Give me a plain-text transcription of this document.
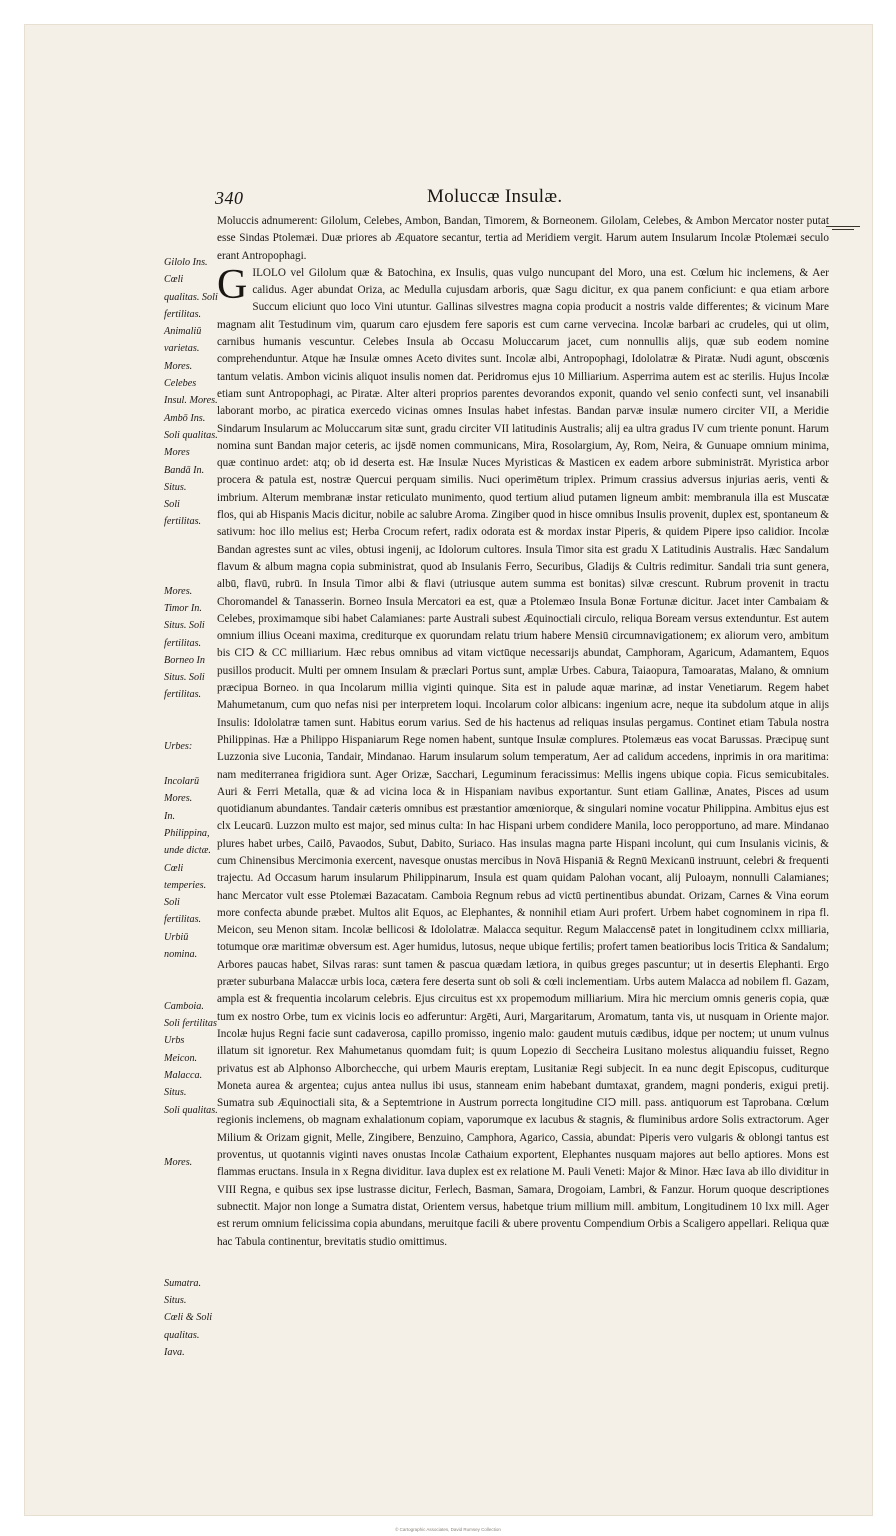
340	Moluccæ Insulæ.

Moluccis adnumerent: Gilolum, Celebes, Ambon, Bandan, Timorem, & Borneonem. Gilolam, Celebes, & Ambon Mercator noster putat esse Sindas Ptolemæi. Duæ priores ab Æquatore secantur, tertia ad Meridiem vergit. Harum autem Insularum Incolæ Ptolemæi seculo erant Antropophagi.

GILOLO vel Gilolum quæ & Batochina, ex Insulis, quas vulgo nuncupant del Moro, una est. Cœlum hic inclemens, & Aer calidus. Ager abundat Oriza, ac Medulla cujusdam arboris, quæ Sagu dicitur, ex qua panem conficiunt: e qua etiam arbore Succum eliciunt quo loco Vini utuntur. Gallinas silvestres magna copia producit a nostris valde differentes; & vicinum Mare magnam alit Testudinum vim, quarum caro ejusdem fere saporis est cum carne vervecina. Incolæ barbari ac crudeles, qui ut olim, carnibus humanis vescuntur. Celebes Insula ab Occasu Moluccarum jacet, cum nonnullis alijs, quæ sub eodem nomine comprehenduntur. Atque hæ Insulæ omnes Aceto divites sunt. Incolæ albi, Antropophagi, Idololatræ & Piratæ. Nudi agunt, obscœnis tantum velatis. Ambon vicinis aliquot insulis nomen dat. Peridromus ejus 10 Milliarium. Asperrima autem est ac sterilis. Hujus Incolæ etiam sunt Antropophagi, ac Piratæ. Alter alteri proprios parentes devorandos exponit, quando vel senio confecti sunt, vel insanabili laborant morbo, ac piratica exercedo vicinas omnes Insulas habet infestas. Bandan parvæ insulæ numero circiter VII, a Meridie Sindarum Insularum ac Moluccarum sitæ sunt, gradu circiter VII latitudinis Australis; alij ea ultra gradus IV cum triente ponunt. Harum nomina sunt Bandan major ceteris, ac ijsdē nomen communicans, Mira, Rosolargium, Ay, Rom, Neira, & Gunuape omnium minima, quæ continuo ardet: atq; ob id deserta est. Hæ Insulæ Nuces Myristicas & Masticen ex eadem arbore subministrāt. Myristica arbor procera & patula est, nostræ Quercui perquam similis. Nuci operimētum triplex. Primum crassius adversus injurias aeris, venti & imbrium. Alterum membranæ instar reticulato munimento, quod tertium aliud putamen ligneum ambit: membranula illa est Muscatæ flos, qui ab Hispanis Macis dicitur, nobile ac salubre Aroma. Zingiber quod in hisce omnibus Insulis provenit, duplex est, spontaneum & sativum: hoc illo melius est; Herba Crocum refert, radix odorata est & mordax instar Piperis, & quidem Pipere ipso calidior. Incolæ Bandan agrestes sunt ac viles, obtusi ingenij, ac Idolorum cultores. Insula Timor sita est gradu X Latitudinis Australis. Hæc Sandalum flavum & album magna copia subministrat, quod ab Insulanis Ferro, Securibus, Gladijs & Cultris redimitur. Sandali tria sunt genera, albū, flavū, rubrū. In Insula Timor albi & flavi (utriusque autem summa est bonitas) silvæ crescunt. Rubrum provenit in tractu Choromandel & Tanasserin. Borneo Insula Mercatori ea est, quæ a Ptolemæo Insula Bonæ Fortunæ dicitur. Jacet inter Cambaiam & Celebes, proximamque sibi habet Calamianes: parte Australi subest Æquinoctiali circulo, reliqua Boream versus extenduntur. Est autem omnium illius Oceani maxima, crediturque ex quorundam relatu trium habere Mensiū circumnavigationem; ex aliorum vero, ambitum bis CIↃ & CC milliarium. Hæc rebus omnibus ad vitam victūque necessarijs abundat, Camphoram, Agaricum, Adamantem, Equos pusillos producit. Multi per omnem Insulam & præclari Portus sunt, amplæ Urbes. Cabura, Taiaopura, Tamoaratas, Malano, & omnium præcipua Borneo. in qua Incolarum millia viginti quinque. Sita est in palude aquæ marinæ, ad instar Venetiarum. Regem habet Mahumetanum, cum quo nefas nisi per interpretem loqui. Incolarum color albicans: ingenium acre, neque ita subdolum atque in alijs Insulis: Idololatræ tamen sunt. Habitus eorum varius. Sed de his hactenus ad reliquas insulas pergamus. Continet etiam Tabula nostra Philippinas. Hæ a Philippo Hispaniarum Rege nomen habent, suntque Insulæ complures. Ptolemæus eas vocat Barussas. Præcipuę sunt Luzzonia sive Luconia, Tandair, Mindanao. Harum insularum solum temperatum, Aer ad calidum accedens, inprimis in ora maritima: nam mediterranea frigidiora sunt. Ager Orizæ, Sacchari, Leguminum feracissimus: Mellis ingens ubique copia. Ficus semicubitales. Auri & Ferri Metalla, quæ & ad vicina loca & in Hispaniam navibus exportantur. Sunt etiam Gallinæ, Anates, Pisces ad usum quotidianum abundantes. Tandair cæteris omnibus est præstantior amœniorque, & singulari nomine vocatur Philippina. Ambitus ejus est clx Leucarū. Luzzon multo est major, sed minus culta: In hac Hispani urbem condidere Manila, loco peropportuno, ad mare. Mindanao plures habet urbes, Cailō, Pavaodos, Subut, Dabito, Suriaco. Has insulas magna parte Hispani incolunt, qui cum Insulanis vicinis, & cum Chinensibus Mercimonia exercent, navesque onustas mercibus in Novā Hispaniā & Regnū Mexicanū instruunt, celebri & frequenti trajectu. Ad Occasum harum insularum Philippinarum, Insula est quam quidam Palohan vocant, alij Puloaym, nonnulli Calamianes; hanc Mercator vult esse Ptolemæi Bazacatam. Camboia Regnum rebus ad victū pertinentibus abundat. Orizam, Carnes & Vina eorum more confecta abunde præbet. Multos alit Equos, ac Elephantes, & nonnihil etiam Auri profert. Urbem habet cognominem in ripa fl. Meicon, seu Menon sitam. Incolæ bellicosi & Idololatræ. Malacca sequitur. Regum Malaccensē patet in longitudinem cclxx milliaria, totumque oræ maritimæ obversum est. Ager humidus, lutosus, neque ubique fertilis; profert tamen beatioribus locis Tritica & Sandalum; Arbores paucas habet, Silvas raras: sunt tamen & pascua quædam lætiora, in quibus greges pascuntur; ut in desertis Elephanti. Ergo præter suburbana Malaccæ urbis loca, cætera fere deserta sunt ob soli & cœli inclementiam. Urbs autem Malacca ad nobilem fl. Gazam, ampla est & frequentia incolarum celebris. Ejus circuitus est xx propemodum milliarium. Mira hic mercium omnis generis copia, quæ tum ex nostro Orbe, tum ex vicinis locis eo adferuntur: Argēti, Auri, Margaritarum, Aromatum, tanta vis, ut nusquam in Oriente major. Incolæ hujus Regni facie sunt cadaverosa, capillo promisso, ingenio malo: gaudent mutuis cædibus, idque per noctem; ut unum vulnus illatum sit ignoretur. Rex Mahumetanus quomdam fuit; is quum Lopezio di Seccheira Lusitano molestus aliquandiu fuisset, Regno privatus est ab Alphonso Alborchecche, qui urbem Mauris ereptam, Lusitaniæ Regi subjecit. In ea nunc degit Episcopus, cuditurque Moneta aurea & argentea; cujus antea nullus ibi usus, stanneam enim habebant dumtaxat, grandem, magni ponderis, exigui pretij. Sumatra sub Æquinoctiali sita, & a Septemtrione in Austrum porrecta longitudine CIↃ mill. pass. antiquorum est Taprobana. Cœlum regionis inclemens, ob magnam exhalationum copiam, vaporumque ex lacubus & stagnis, & fluminibus ardore Solis extractorum. Ager Milium & Orizam gignit, Melle, Zingibere, Benzuino, Camphora, Agarico, Cassia, abundat: Piperis vero vulgaris & oblongi tantus est proventus, ut quotannis viginti naves onustas Incolæ Cathaium exportent, Elephantes nusquam majores aut bello aptiores. Mons est flammas eructans. Insula in x Regna dividitur. Iava duplex est ex relatione M. Pauli Veneti: Major & Minor. Hæc Iava ab illo dividitur in VIII Regna, e quibus sex ipse lustrasse dicitur, Ferlech, Basman, Samara, Drogoiam, Lambri, & Fanzur. Horum quoque descriptiones subnectit. Major non longe a Sumatra distat, Orientem versus, habetque trium millium mill. ambitum, Longitudinem 10 lxx mill. Ager est rerum omnium felicissima copia abundans, meruitque facili & ubere proventu Compendium Orbis a Scaligero appellari. Reliqua quæ hac Tabula continentur, brevitatis studio omittimus.

Gilolo Ins.
Cœli qualitas. Soli fertilitas.
Animaliū varietas.
Mores.
Celebes Insul. Mores.
Ambō Ins.
Soli qualitas. Mores
Bandā In.
Situs.
Soli fertilitas.
Mores.
Timor In.
Situs. Soli fertilitas.
Borneo In
Situs. Soli fertilitas.
Urbes:
Incolarū Mores.
In. Philippina, unde dictæ.
Cœli temperies.
Soli fertilitas.
Urbiū nomina.
Camboia.
Soli fertilitas Urbs
Meicon.
Malacca.
Situs.
Soli qualitas.
Mores.
Sumatra.
Situs.
Cœli & Soli qualitas.
Iava.
© Cartographic Associates, David Rumsey Collection
